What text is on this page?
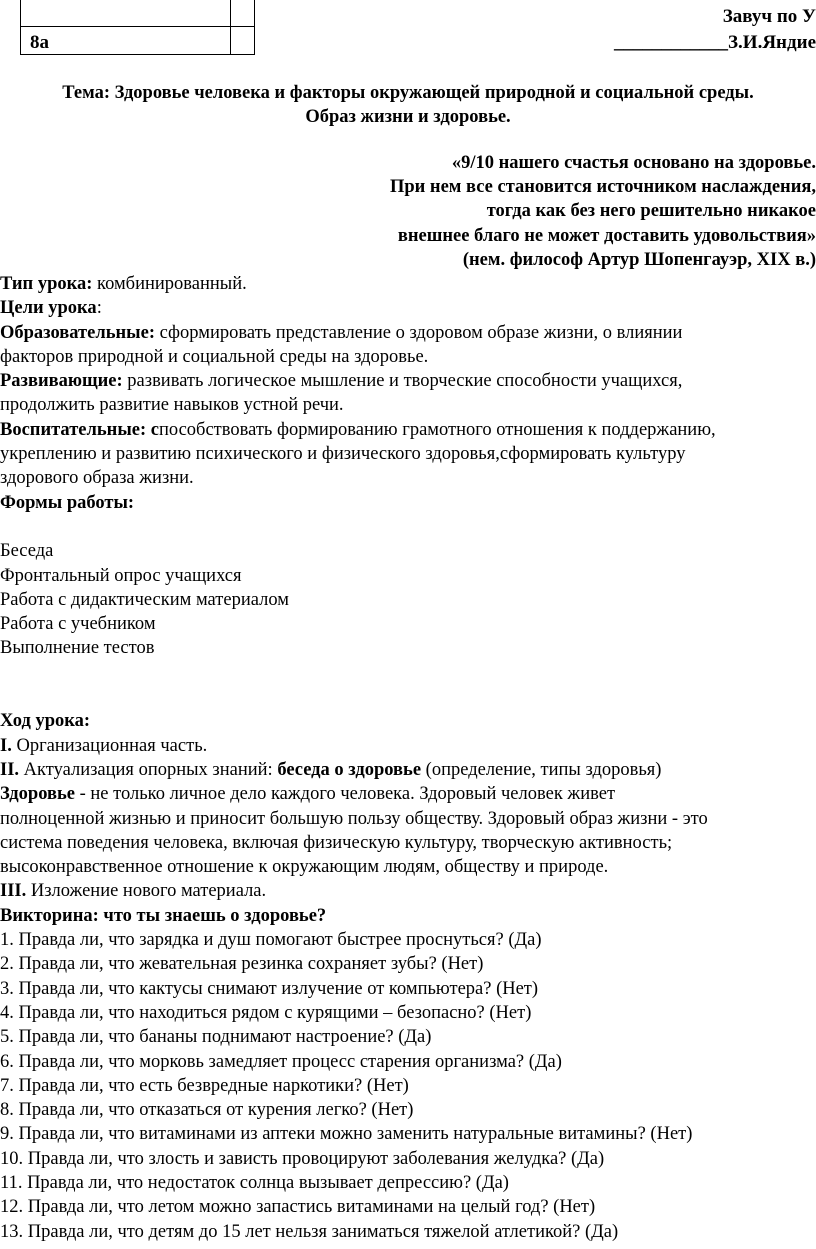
8а	
Завуч по У
____________З.И.Яндие
Тема: Здоровье человека и факторы окружающей природной и социальной среды.
Образ жизни и здоровье.
«9/10 нашего счастья основано на здоровье.
При нем все становится источником наслаждения,
тогда как без него решительно никакое
внешнее благо не может доставить удовольствия»
(нем. философ Артур Шопенгауэр, XIX в.)
Тип урока: комбинированный.
Цели урока:
Образовательные: сформировать представление о здоровом образе жизни, о влиянии
факторов природной и социальной среды на здоровье.
Развивающие: развивать логическое мышление и творческие способности учащихся,
продолжить развитие навыков устной речи.
Воспитательные: способствовать формированию грамотного отношения к поддержанию,
укреплению и развитию психического и физического здоровья,сформировать культуру
здорового образа жизни.
Формы работы:
Беседа
Фронтальный опрос учащихся
Работа с дидактическим материалом
Работа с учебником
Выполнение тестов
Ход урока:
I. Организационная часть.
II. Актуализация опорных знаний: беседа о здоровье (определение, типы здоровья)
Здоровье - не только личное дело каждого человека. Здоровый человек живет
полноценной жизнью и приносит большую пользу обществу. Здоровый образ жизни - это
система поведения человека, включая физическую культуру, творческую активность;
высоконравственное отношение к окружающим людям, обществу и природе.
III. Изложение нового материала.
Викторина: что ты знаешь о здоровье?
1. Правда ли, что зарядка и душ помогают быстрее проснуться? (Да)
2. Правда ли, что жевательная резинка сохраняет зубы? (Нет)
3. Правда ли, что кактусы снимают излучение от компьютера? (Нет)
4. Правда ли, что находиться рядом с курящими – безопасно? (Нет)
5. Правда ли, что бананы поднимают настроение? (Да)
6. Правда ли, что морковь замедляет процесс старения организма? (Да)
7. Правда ли, что есть безвредные наркотики? (Нет)
8. Правда ли, что отказаться от курения легко? (Нет)
9. Правда ли, что витаминами из аптеки можно заменить натуральные витамины? (Нет)
10. Правда ли, что злость и зависть провоцируют заболевания желудка? (Да)
11. Правда ли, что недостаток солнца вызывает депрессию? (Да)
12. Правда ли, что летом можно запастись витаминами на целый год? (Нет)
13. Правда ли, что детям до 15 лет нельзя заниматься тяжелой атлетикой? (Да)
